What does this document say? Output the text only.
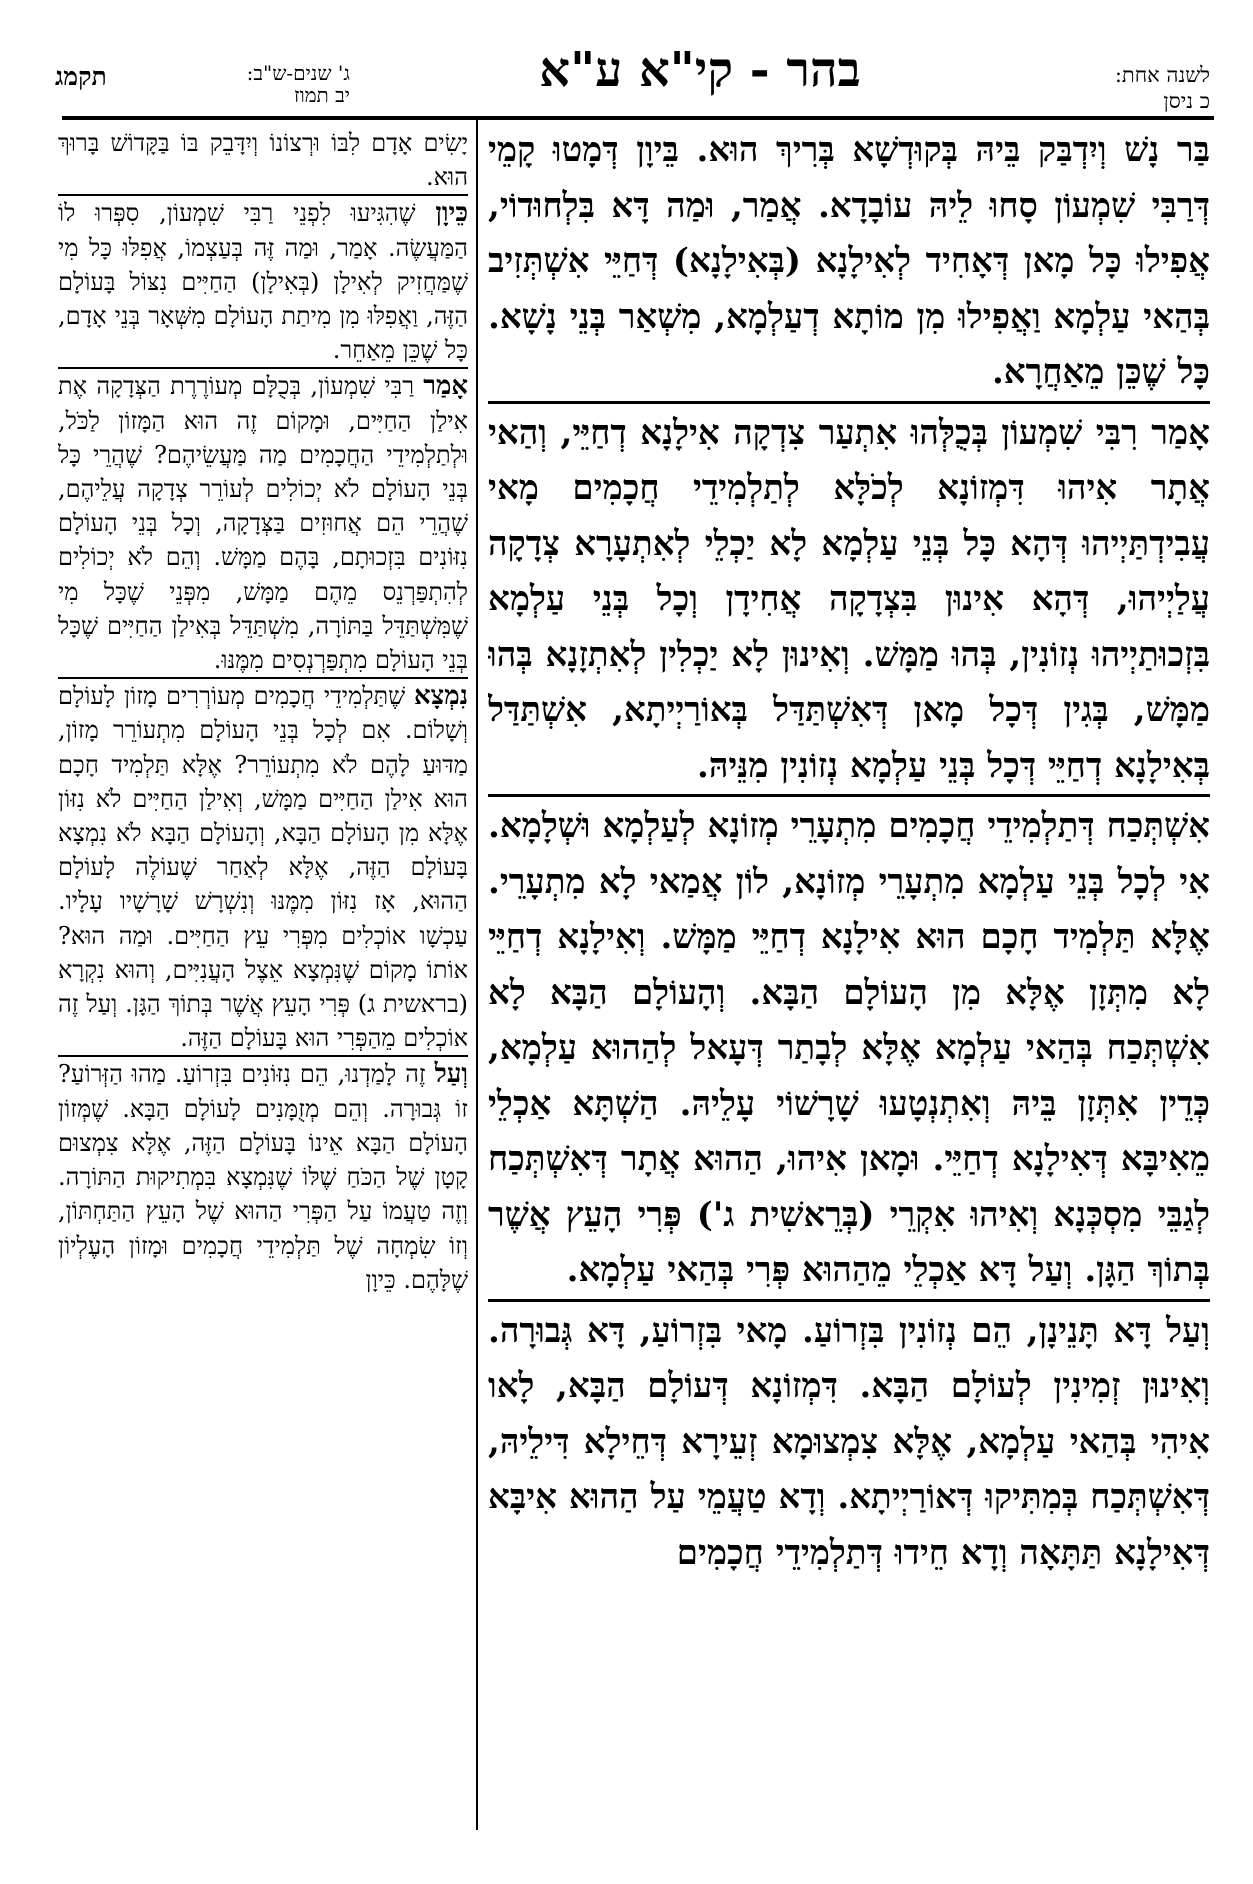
תקמג	ג' שנים-ש"ב:
יב תמוז	בהר - קי"א ע"א	לשנה אחת:
כ ניסן

בַּר נָשׁ וְיִדְבַּק בֵּיהּ בְּקוּדְשָׁא בְּרִיךְ הוּא. בֵּיוָן דְּמָטוּ קָמֵי דְּרַבִּי שִׁמְעוֹן סָחוּ לֵיהּ עוֹבָדָא. אֲמַר, וּמַה דָּא בִּלְחוּדוֹי, אֲפִילוּ כָּל מָאן דְּאָחִיד לְאִילָנָא (בְּאִילָנָא) דְּחַיֵּי אִשְׁתְּזִיב בְּהַאי עַלְמָא וַאֲפִילוּ מִן מוֹתָא דְעַלְמָא, מִשְׁאַר בְּנֵי נָשָׁא. כָּל שֶׁכֵּן מֵאַחֲרָא.

אָמַר רִבִּי שִׁמְעוֹן בְּכֻלְּהוּ אִתְעַר צִדְקָה אִילָנָא דְחַיֵּי, וְהַאי אֲתָר אִיהוּ דִּמְזוֹנָא לְכֹלָּא לְתַלְמִידֵי חֲכָמִים מָאי עֲבִידְתַּיְיהוּ דְּהָא כָּל בְּנֵי עַלְמָא לָא יַכְלֵי לְאִתְעָרָא צְדָקָה עֲלַיְיהוּ, דְּהָא אִינוּן בִּצְדָקָה אֲחִידָן וְכָל בְּנֵי עַלְמָא בִּזְכוּתַיְיהוּ נְזוֹנִין, בְּהוּ מַמָּשׁ. וְאִינוּן לָא יַכְלִין לְאִתְזָנָא בְּהוּ מַמָּשׁ, בְּגִין דְּכָל מָאן דְּאִשְׁתַּדַּל בְּאוֹרַיְיתָא, אִשְׁתַּדַּל בְּאִילָנָא דְחַיֵּי דְּכָל בְּנֵי עַלְמָא נְזוֹנִין מִנֵּיהּ.

אִשְׁתְּכַח דְּתַלְמִידֵי חֲכָמִים מִתְעָרֵי מְזוֹנָא לְעַלְמָא וּשְׁלָמָא. אִי לְכָל בְּנֵי עַלְמָא מִתְעָרֵי מְזוֹנָא, לוֹן אֲמַאי לָא מִתְעָרֵי. אֶלָּא תַּלְמִיד חָכָם הוּא אִילָנָא דְחַיֵּי מַמָּשׁ. וְאִילָנָא דְחַיֵּי לָא מִתְּזָן אֶלָּא מִן הָעוֹלָם הַבָּא. וְהָעוֹלָם הַבָּא לָא אִשְׁתְּכַח בְּהַאי עַלְמָא אֶלָּא לְבָתַר דְּעָאל לְהַהוּא עַלְמָא, כְּדֵין אִתְּזָן בֵּיהּ וְאִתְנְטָעוּ שָׁרָשׁוֹי עָלֵיהּ. הַשְׁתָּא אַכְלֵי מֵאִיבָּא דְּאִילָנָא דְחַיֵּי. וּמָאן אִיהוּ, הַהוּא אֲתָר דְּאִשְׁתְּכַח לְגַבֵּי מִסְכְּנָא וְאִיהוּ אִקְרֵי (בְּרֵאשִׁית ג') פְּרִי הָעֵץ אֲשֶׁר בְּתוֹךְ הַגָּן. וְעַל דָּא אַכְלֵי מֵהַהוּא פְּרִי בְּהַאי עַלְמָא.

וְעַל דָּא תָּנֵינָן, הֵם נְזוֹנִין בִּזְרוֹעַ. מָאי בִּזְרוֹעַ, דָּא גְּבוּרָה. וְאִינוּן זְמִינִין לְעוֹלָם הַבָּא. דִּמְזוֹנָא דְּעוֹלָם הַבָּא, לָאו אִיהִי בְּהַאי עַלְמָא, אֶלָּא צִמְצוּמָא זְעֵירָא דְּחֵילָא דִּילֵיהּ, דְּאִשְׁתְּכַח בְּמִתִּיקוּ דְּאוֹרַיְיתָא. וְדָא טַעֲמֵי עַל הַהוּא אִיבָּא דְּאִילָנָא תַּתָּאָה וְדָא חֵידוּ דְּתַלְמִידֵי חֲכָמִים

יָשִׂים אָדָם לִבּוֹ וּרְצוֹנוֹ וְיִדָּבֵק בּוֹ בַּקָּדוֹשׁ בָּרוּךְ הוּא.

כֵּיוָן שֶׁהִגִּיעוּ לִפְנֵי רַבִּי שִׁמְעוֹן, סִפְּרוּ לוֹ הַמַּעֲשֶׂה. אָמַר, וּמַה זֶּה בְּעַצְמוֹ, אֲפִלּוּ כָּל מִי שֶׁמַּחֲזִיק לְאִילָן (בְּאִילָן) הַחַיִּים נִצּוֹל בָּעוֹלָם הַזֶּה, וַאֲפִלּוּ מִן מִיתַת הָעוֹלָם מִשְּׁאָר בְּנֵי אָדָם, כָּל שֶׁכֵּן מֵאַחֵר.

אָמַר רַבִּי שִׁמְעוֹן, בְּכֻלָּם מְעוֹרֶרֶת הַצְּדָקָה אֶת אִילַן הַחַיִּים, וּמָקוֹם זֶה הוּא הַמָּזוֹן לַכֹּל, וּלְתַלְמִידֵי הַחֲכָמִים מַה מַּעֲשֵׂיהֶם? שֶׁהֲרֵי כָּל בְּנֵי הָעוֹלָם לֹא יְכוֹלִים לְעוֹרֵר צְדָקָה עֲלֵיהֶם, שֶׁהֲרֵי הֵם אֲחוּזִים בַּצְּדָקָה, וְכָל בְּנֵי הָעוֹלָם נִזּוֹנִים בִּזְכוּתָם, בָּהֶם מַמָּשׁ. וְהֵם לֹא יְכוֹלִים לְהִתְפַּרְנֵס מֵהֶם מַמָּשׁ, מִפְּנֵי שֶׁכָּל מִי שֶׁמִּשְׁתַּדֵּל בַּתּוֹרָה, מִשְׁתַּדֵּל בְּאִילַן הַחַיִּים שֶׁכָּל בְּנֵי הָעוֹלָם מִתְפַּרְנְסִים מִמֶּנּוּ.

נִמְצָא שֶׁתַּלְמִידֵי חֲכָמִים מְעוֹרְרִים מָזוֹן לָעוֹלָם וְשָׁלוֹם. אִם לְכָל בְּנֵי הָעוֹלָם מִתְעוֹרֵר מָזוֹן, מַדּוּעַ לָהֶם לֹא מִתְעוֹרֵר? אֶלָּא תַּלְמִיד חָכָם הוּא אִילַן הַחַיִּים מַמָּשׁ, וְאִילַן הַחַיִּים לֹא נִזּוֹן אֶלָּא מִן הָעוֹלָם הַבָּא, וְהָעוֹלָם הַבָּא לֹא נִמְצָא בָּעוֹלָם הַזֶּה, אֶלָּא לְאַחַר שֶׁעוֹלֶה לָעוֹלָם הַהוּא, אָז נִזּוֹן מִמֶּנּוּ וְנִשְׁרָשׁ שָׁרָשָׁיו עָלָיו. עַכְשָׁו אוֹכְלִים מִפְּרִי עֵץ הַחַיִּים. וּמַה הוּא? אוֹתוֹ מָקוֹם שֶׁנִּמְצָא אֵצֶל הָעֲנִיִּים, וְהוּא נִקְרָא (בראשית ג) פְּרִי הָעֵץ אֲשֶׁר בְּתוֹךְ הַגָּן. וְעַל זֶה אוֹכְלִים מֵהַפְּרִי הוּא בָּעוֹלָם הַזֶּה.

וְעַל זֶה לָמַדְנוּ, הֵם נִזּוֹנִים בִּזְרוֹעַ. מַהוּ הַזְּרוֹעַ? זוֹ גְּבוּרָה. וְהֵם מְזֻמָּנִים לָעוֹלָם הַבָּא. שֶׁמְּזוֹן הָעוֹלָם הַבָּא אֵינוֹ בָּעוֹלָם הַזֶּה, אֶלָּא צִמְצוּם קָטָן שֶׁל הַכֹּחַ שֶׁלּוֹ שֶׁנִּמְצָא בִּמְתִיקוּת הַתּוֹרָה. וְזֶה טַעֲמוֹ עַל הַפְּרִי הַהוּא שֶׁל הָעֵץ הַתַּחְתּוֹן, וְזוֹ שִׂמְחָה שֶׁל תַּלְמִידֵי חֲכָמִים וּמָזוֹן הָעֶלְיוֹן שֶׁלָּהֶם. כֵּיוָן
